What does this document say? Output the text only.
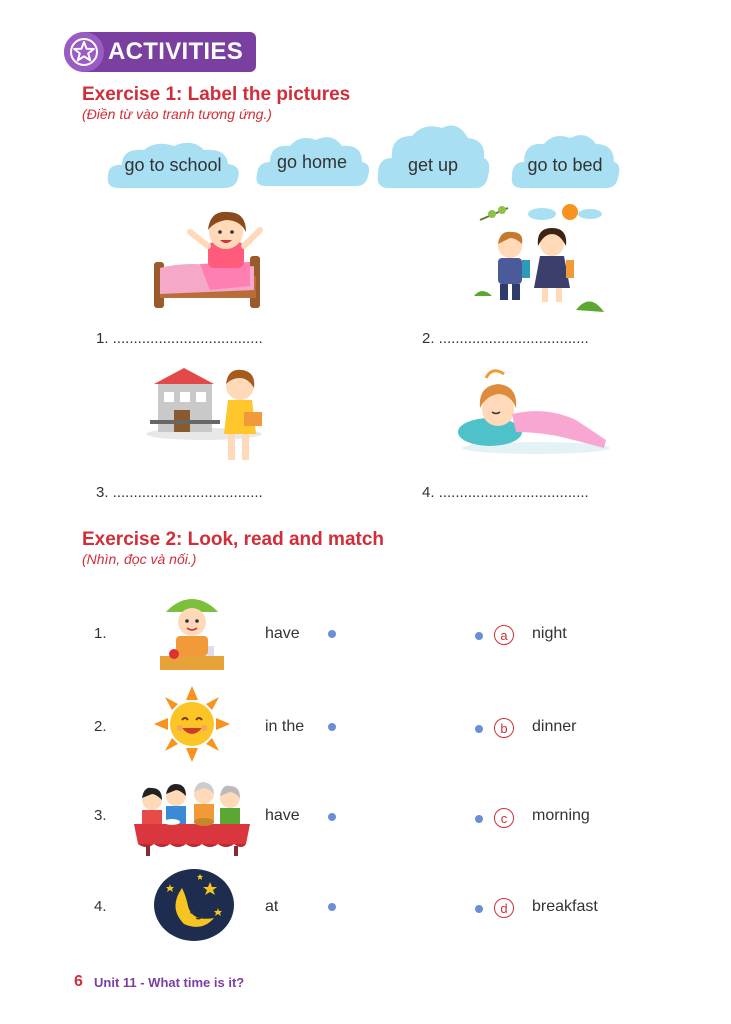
ACTIVITIES
Exercise 1: Label the pictures
(Điền từ vào tranh tương ứng.)
go to school	go home	get up	go to bed
1. ....................................	2. ....................................
3. ....................................	4. ....................................
Exercise 2: Look, read and match
(Nhìn, đọc và nối.)
1.	have	a	night
2.	in the	b	dinner
3.	have	c	morning
4.	at	d	breakfast
6 Unit 11 - What time is it?
